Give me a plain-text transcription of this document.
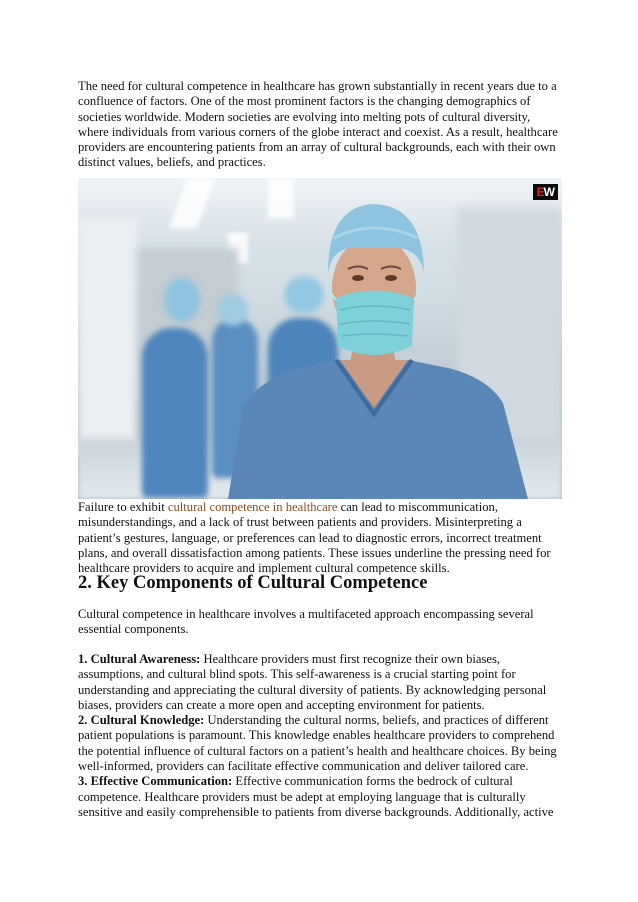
The need for cultural competence in healthcare has grown substantially in recent years due to a confluence of factors. One of the most prominent factors is the changing demographics of societies worldwide. Modern societies are evolving into melting pots of cultural diversity, where individuals from various corners of the globe interact and coexist. As a result, healthcare providers are encountering patients from an array of cultural backgrounds, each with their own distinct values, beliefs, and practices.

EW

Failure to exhibit cultural competence in healthcare can lead to miscommunication, misunderstandings, and a lack of trust between patients and providers. Misinterpreting a patient’s gestures, language, or preferences can lead to diagnostic errors, incorrect treatment plans, and overall dissatisfaction among patients. These issues underline the pressing need for healthcare providers to acquire and implement cultural competence skills.

2. Key Components of Cultural Competence

Cultural competence in healthcare involves a multifaceted approach encompassing several essential components.

1. Cultural Awareness: Healthcare providers must first recognize their own biases, assumptions, and cultural blind spots. This self-awareness is a crucial starting point for understanding and appreciating the cultural diversity of patients. By acknowledging personal biases, providers can create a more open and accepting environment for patients.
2. Cultural Knowledge: Understanding the cultural norms, beliefs, and practices of different patient populations is paramount. This knowledge enables healthcare providers to comprehend the potential influence of cultural factors on a patient’s health and healthcare choices. By being well-informed, providers can facilitate effective communication and deliver tailored care.
3. Effective Communication: Effective communication forms the bedrock of cultural competence. Healthcare providers must be adept at employing language that is culturally sensitive and easily comprehensible to patients from diverse backgrounds. Additionally, active
